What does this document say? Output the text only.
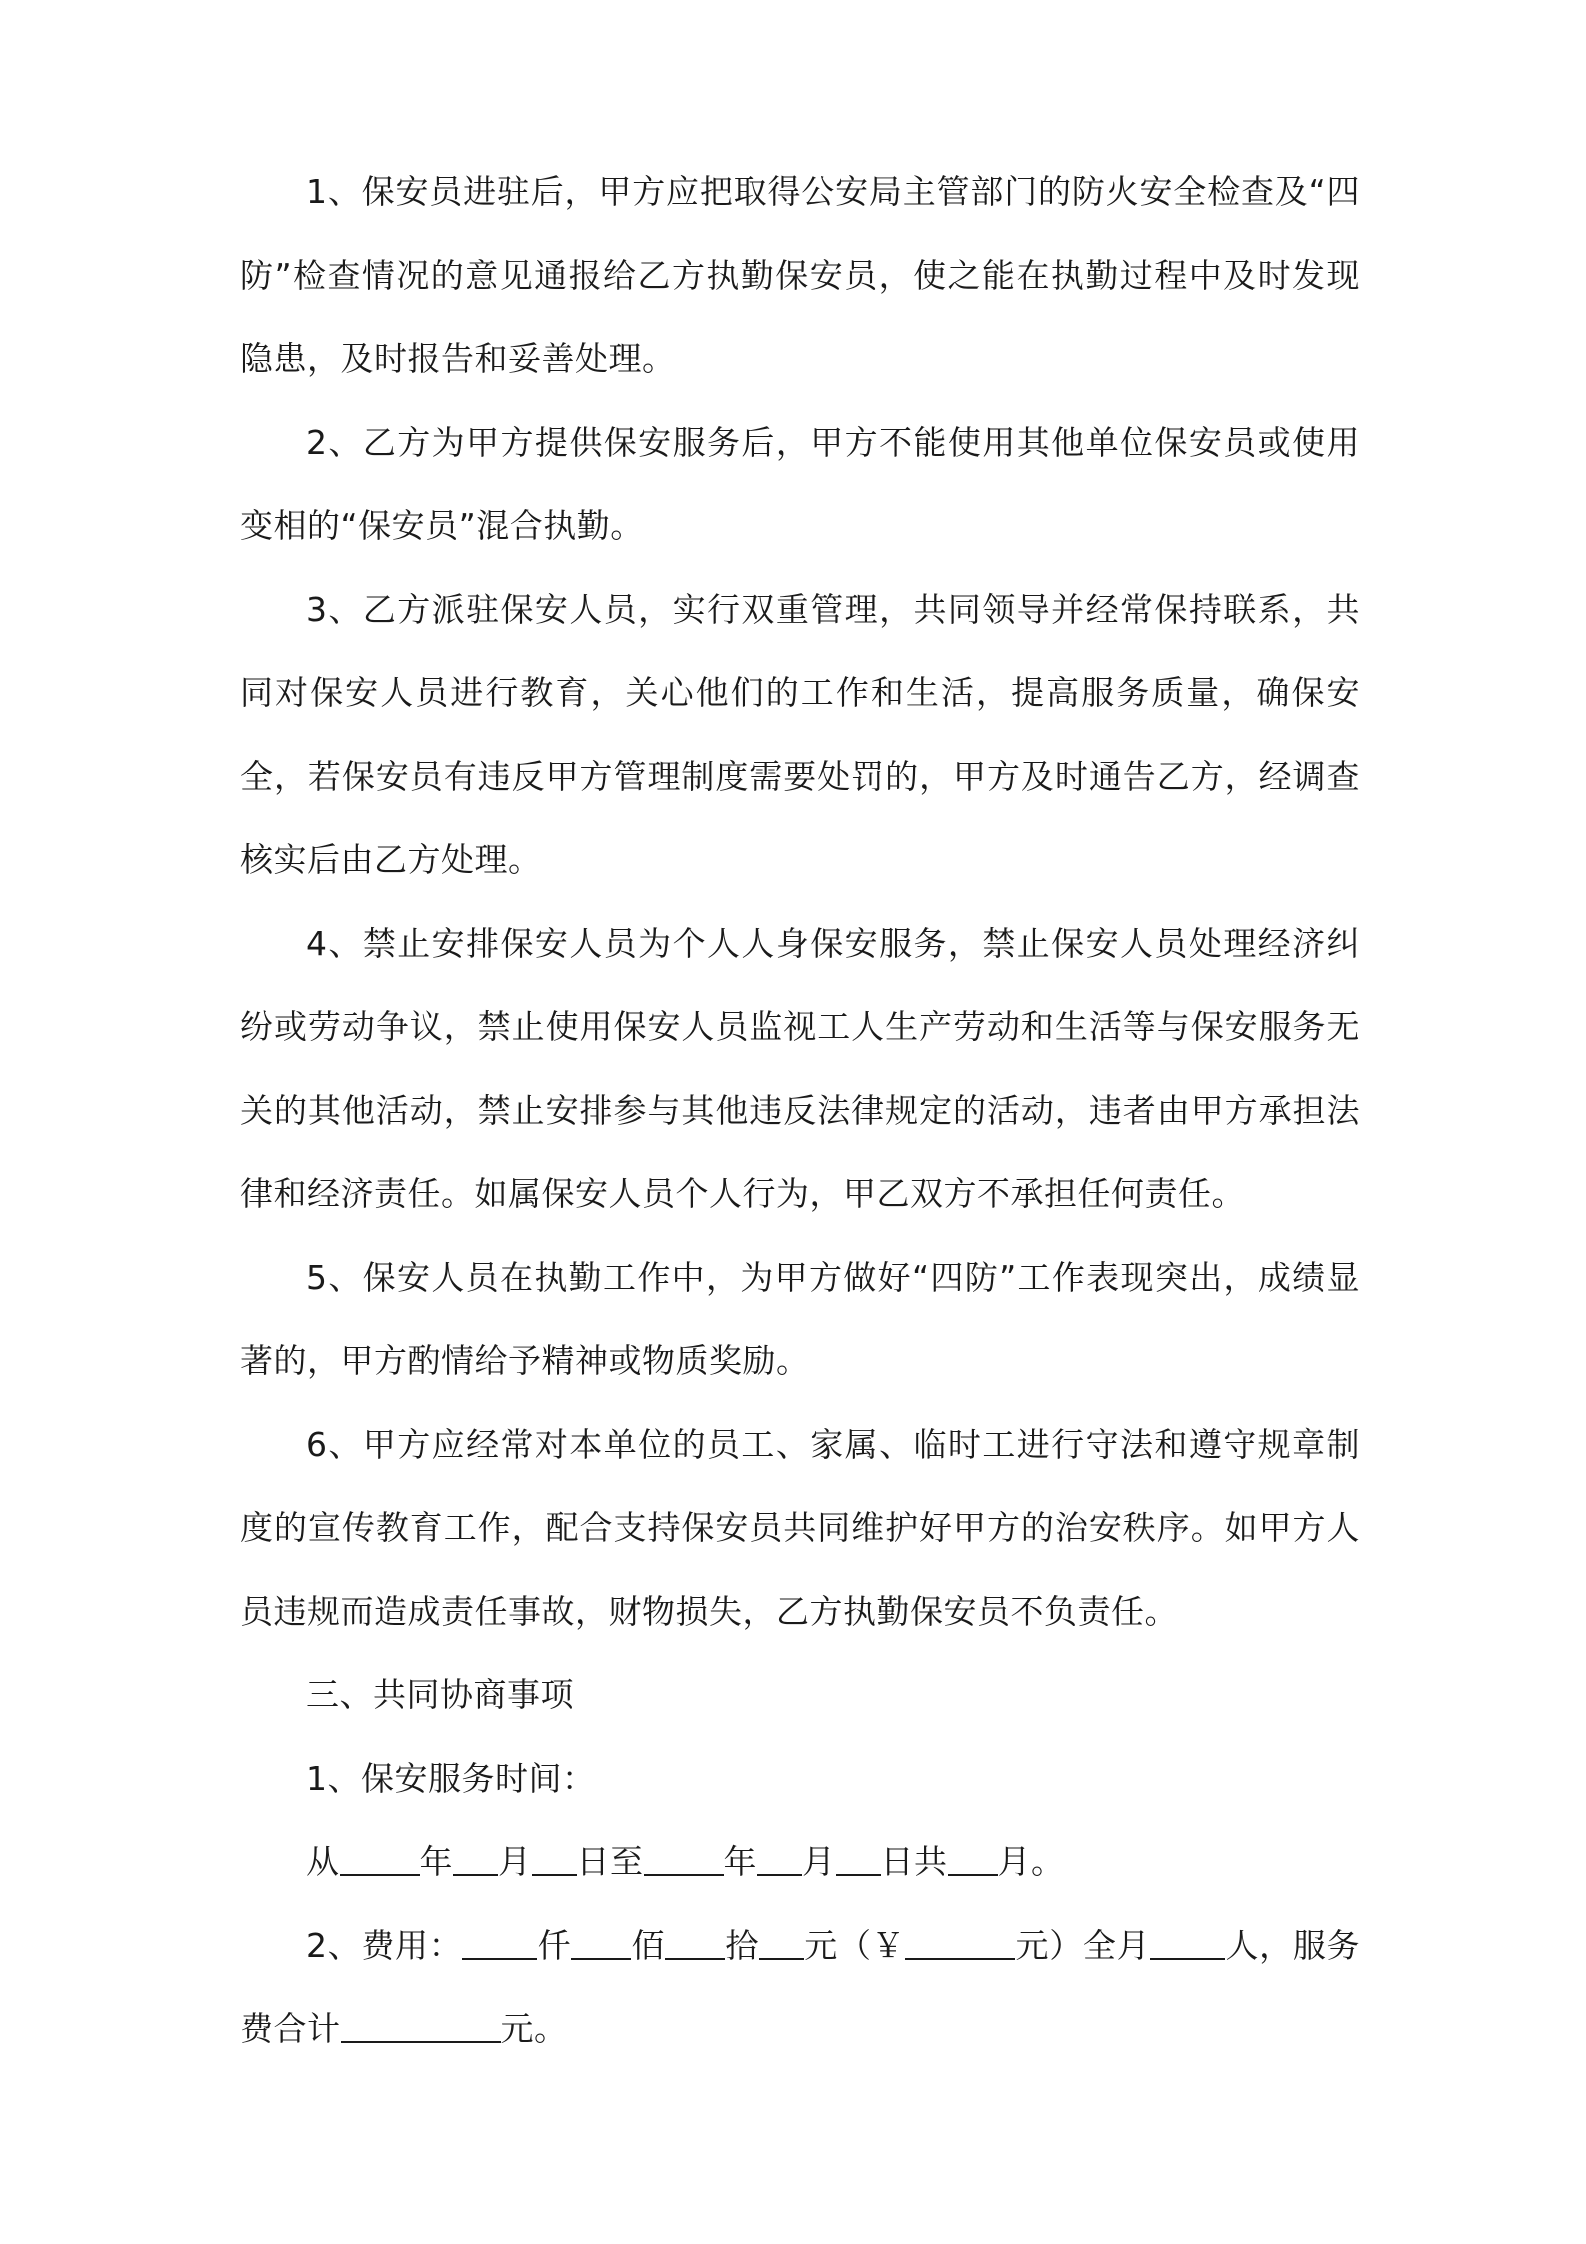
1、保安员进驻后，甲方应把取得公安局主管部门的防火安全检查及“四防”检查情况的意见通报给乙方执勤保安员，使之能在执勤过程中及时发现隐患，及时报告和妥善处理。

2、乙方为甲方提供保安服务后，甲方不能使用其他单位保安员或使用变相的“保安员”混合执勤。

3、乙方派驻保安人员，实行双重管理，共同领导并经常保持联系，共同对保安人员进行教育，关心他们的工作和生活，提高服务质量，确保安全，若保安员有违反甲方管理制度需要处罚的，甲方及时通告乙方，经调查核实后由乙方处理。

4、禁止安排保安人员为个人人身保安服务，禁止保安人员处理经济纠纷或劳动争议，禁止使用保安人员监视工人生产劳动和生活等与保安服务无关的其他活动，禁止安排参与其他违反法律规定的活动，违者由甲方承担法律和经济责任。如属保安人员个人行为，甲乙双方不承担任何责任。

5、保安人员在执勤工作中，为甲方做好“四防”工作表现突出，成绩显著的，甲方酌情给予精神或物质奖励。

6、甲方应经常对本单位的员工、家属、临时工进行守法和遵守规章制度的宣传教育工作，配合支持保安员共同维护好甲方的治安秩序。如甲方人员违规而造成责任事故，财物损失，乙方执勤保安员不负责任。

三、共同协商事项

1、保安服务时间：

从 年 月 日至 年 月 日共 月。

2、费用： 仟 佰 拾 元（￥	元）全月 人，服务费合计	元。
